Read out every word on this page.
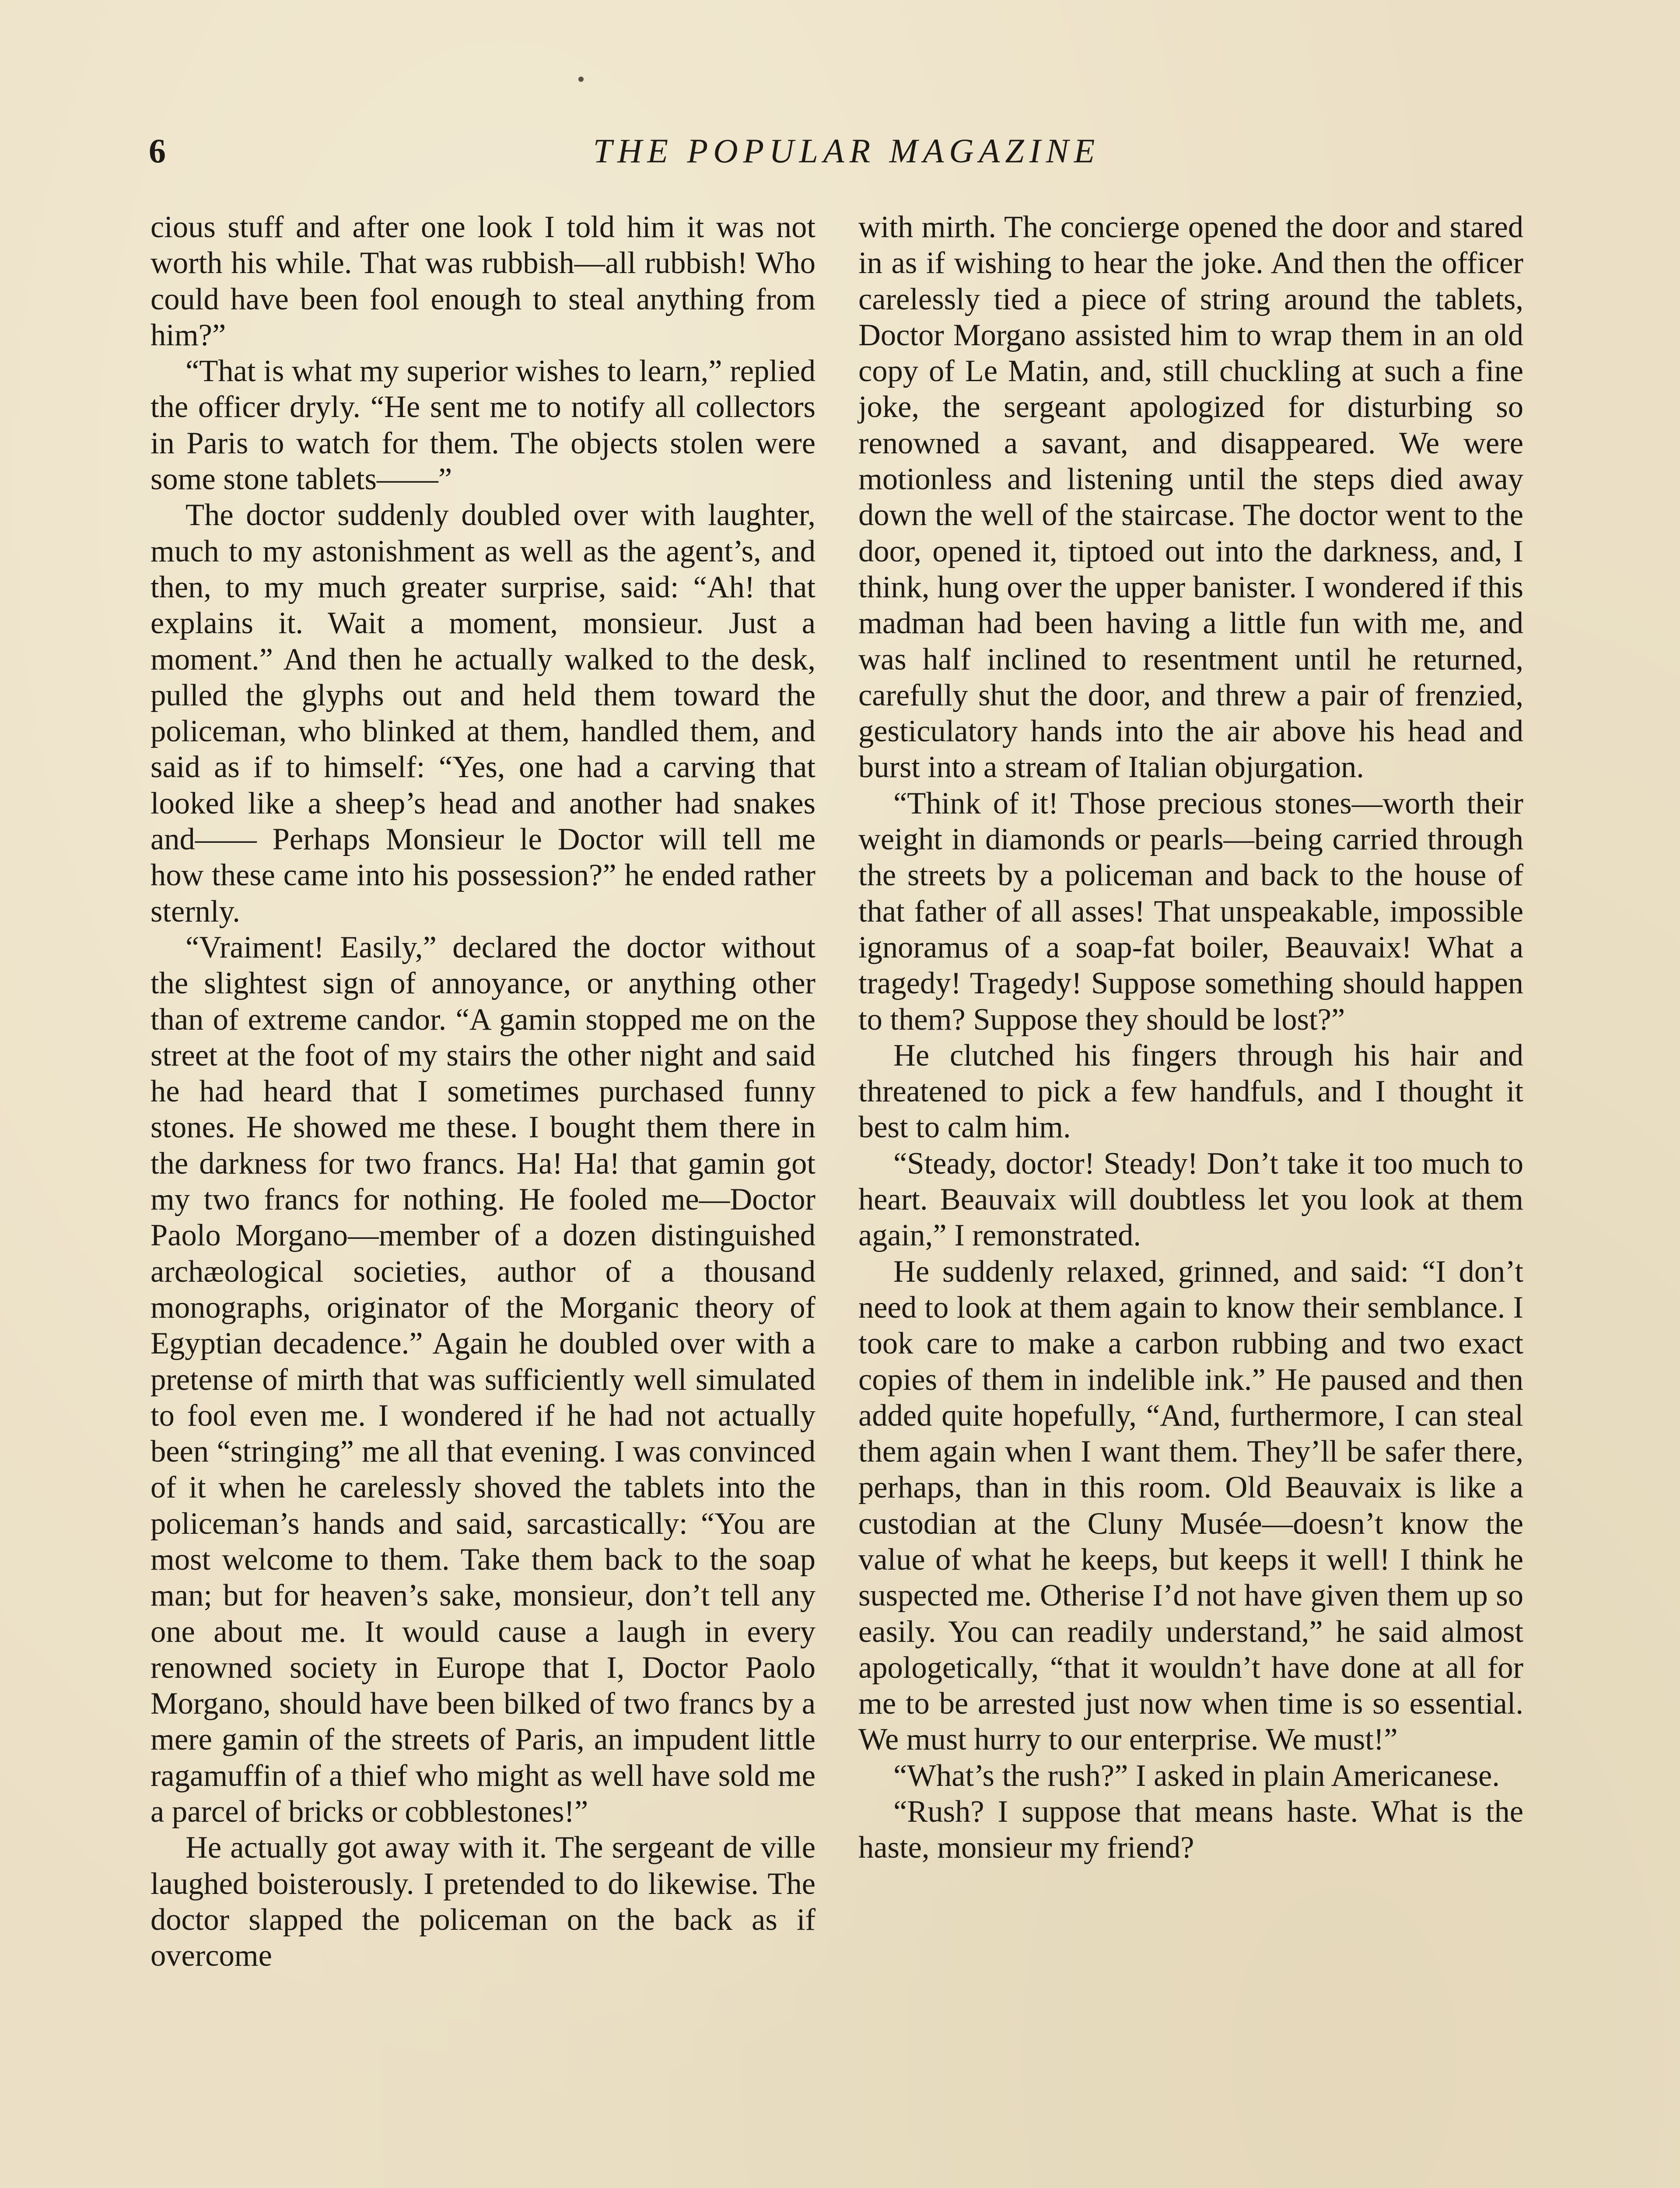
6	THE POPULAR MAGAZINE

cious stuff and after one look I told him it was not worth his while. That was rubbish—all rubbish! Who could have been fool enough to steal anything from him?”

“That is what my superior wishes to learn,” replied the officer dryly. “He sent me to notify all collectors in Paris to watch for them. The objects stolen were some stone tablets——”

The doctor suddenly doubled over with laughter, much to my astonishment as well as the agent’s, and then, to my much greater surprise, said: “Ah! that explains it. Wait a moment, monsieur. Just a moment.” And then he actually walked to the desk, pulled the glyphs out and held them toward the policeman, who blinked at them, handled them, and said as if to himself: “Yes, one had a carving that looked like a sheep’s head and another had snakes and—— Perhaps Monsieur le Doctor will tell me how these came into his possession?” he ended rather sternly.

“Vraiment! Easily,” declared the doctor without the slightest sign of annoyance, or anything other than of extreme candor. “A gamin stopped me on the street at the foot of my stairs the other night and said he had heard that I sometimes purchased funny stones. He showed me these. I bought them there in the darkness for two francs. Ha! Ha! that gamin got my two francs for nothing. He fooled me—Doctor Paolo Morgano—member of a dozen distinguished archæological societies, author of a thousand monographs, originator of the Morganic theory of Egyptian decadence.” Again he doubled over with a pretense of mirth that was sufficiently well simulated to fool even me. I wondered if he had not actually been “stringing” me all that evening. I was convinced of it when he carelessly shoved the tablets into the policeman’s hands and said, sarcastically: “You are most welcome to them. Take them back to the soap man; but for heaven’s sake, monsieur, don’t tell any one about me. It would cause a laugh in every renowned society in Europe that I, Doctor Paolo Morgano, should have been bilked of two francs by a mere gamin of the streets of Paris, an impudent little ragamuffin of a thief who might as well have sold me a parcel of bricks or cobblestones!”

He actually got away with it. The sergeant de ville laughed boisterously. I pretended to do likewise. The doctor slapped the policeman on the back as if overcome

with mirth. The concierge opened the door and stared in as if wishing to hear the joke. And then the officer carelessly tied a piece of string around the tablets, Doctor Morgano assisted him to wrap them in an old copy of Le Matin, and, still chuckling at such a fine joke, the sergeant apologized for disturbing so renowned a savant, and disappeared. We were motionless and listening until the steps died away down the well of the staircase. The doctor went to the door, opened it, tiptoed out into the darkness, and, I think, hung over the upper banister. I wondered if this madman had been having a little fun with me, and was half inclined to resentment until he returned, carefully shut the door, and threw a pair of frenzied, gesticulatory hands into the air above his head and burst into a stream of Italian objurgation.

“Think of it! Those precious stones—worth their weight in diamonds or pearls—being carried through the streets by a policeman and back to the house of that father of all asses! That unspeakable, impossible ignoramus of a soap-fat boiler, Beauvaix! What a tragedy! Tragedy! Suppose something should happen to them? Suppose they should be lost?”

He clutched his fingers through his hair and threatened to pick a few handfuls, and I thought it best to calm him.

“Steady, doctor! Steady! Don’t take it too much to heart. Beauvaix will doubtless let you look at them again,” I remonstrated.

He suddenly relaxed, grinned, and said: “I don’t need to look at them again to know their semblance. I took care to make a carbon rubbing and two exact copies of them in indelible ink.” He paused and then added quite hopefully, “And, furthermore, I can steal them again when I want them. They’ll be safer there, perhaps, than in this room. Old Beauvaix is like a custodian at the Cluny Musée—doesn’t know the value of what he keeps, but keeps it well! I think he suspected me. Otherise I’d not have given them up so easily. You can readily understand,” he said almost apologetically, “that it wouldn’t have done at all for me to be arrested just now when time is so essential. We must hurry to our enterprise. We must!”

“What’s the rush?” I asked in plain Americanese.

“Rush? I suppose that means haste. What is the haste, monsieur my friend?
